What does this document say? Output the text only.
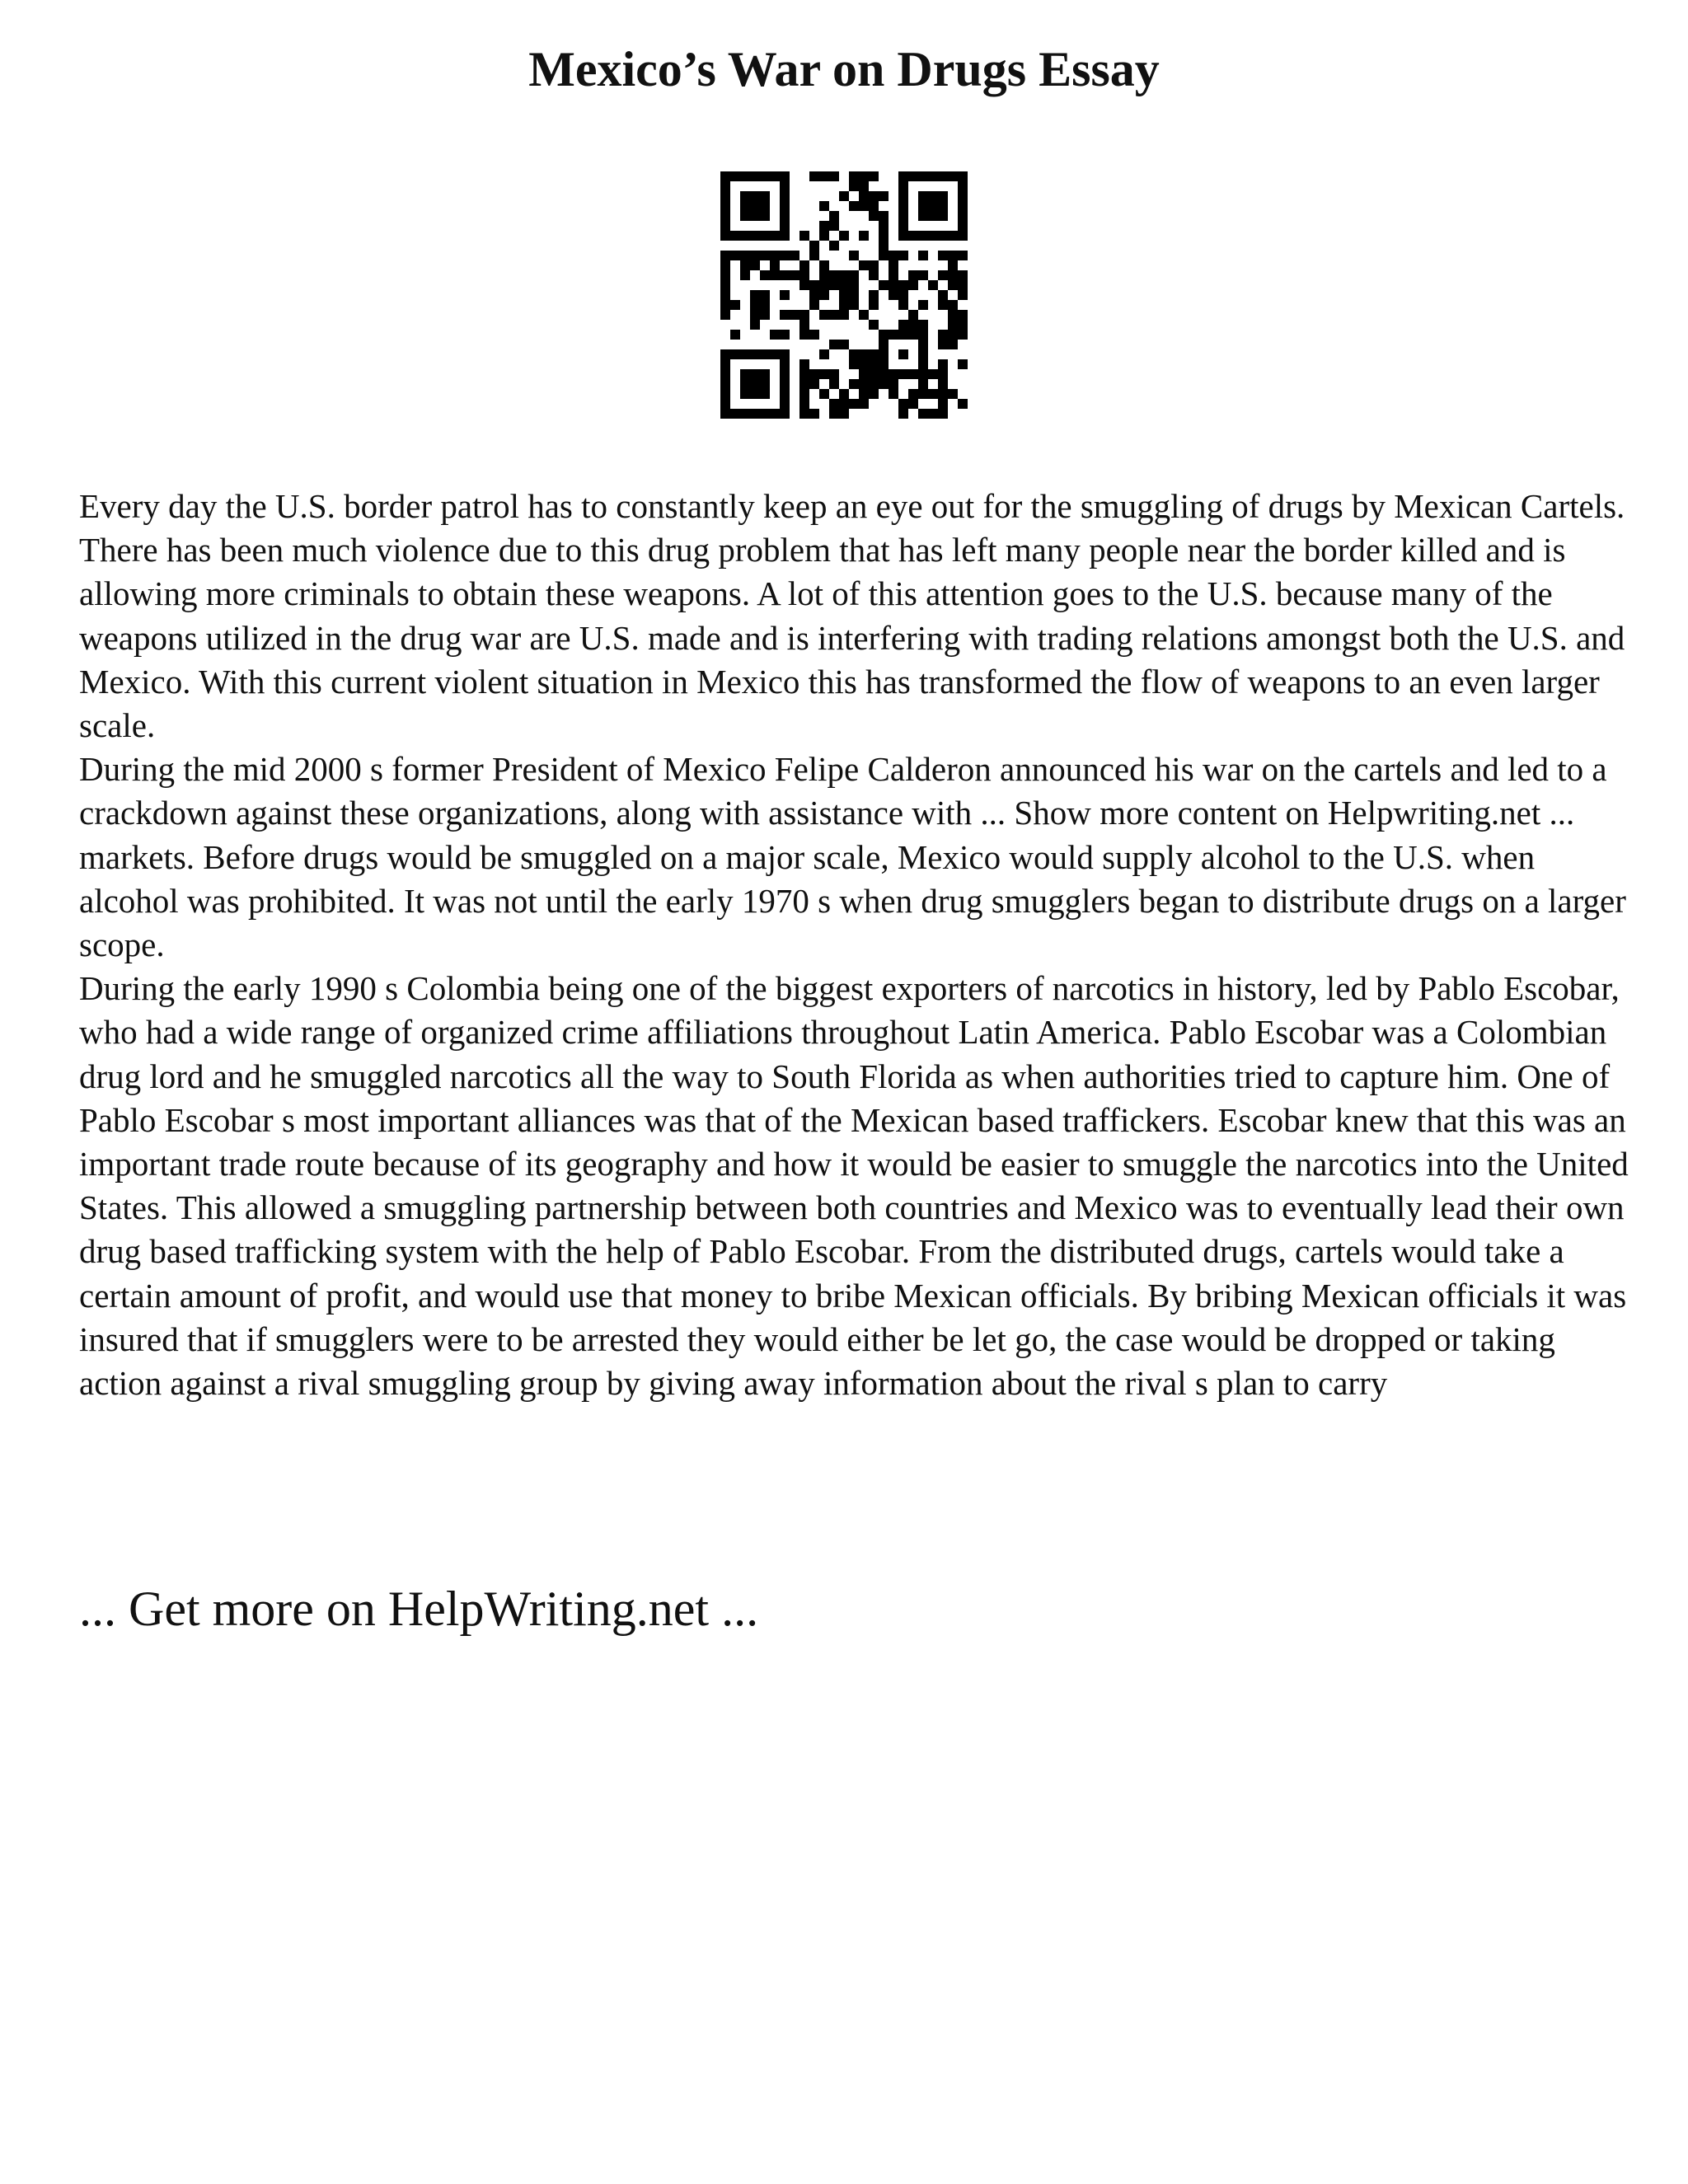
Mexico’s War on Drugs Essay

Every day the U.S. border patrol has to constantly keep an eye out for the smuggling of drugs by Mexican Cartels. There has been much violence due to this drug problem that has left many people near the border killed and is allowing more criminals to obtain these weapons. A lot of this attention goes to the U.S. because many of the weapons utilized in the drug war are U.S. made and is interfering with trading relations amongst both the U.S. and Mexico. With this current violent situation in Mexico this has transformed the flow of weapons to an even larger scale.

During the mid 2000 s former President of Mexico Felipe Calderon announced his war on the cartels and led to a crackdown against these organizations, along with assistance with ... Show more content on Helpwriting.net ...

markets. Before drugs would be smuggled on a major scale, Mexico would supply alcohol to the U.S. when alcohol was prohibited. It was not until the early 1970 s when drug smugglers began to distribute drugs on a larger scope.

During the early 1990 s Colombia being one of the biggest exporters of narcotics in history, led by Pablo Escobar, who had a wide range of organized crime affiliations throughout Latin America. Pablo Escobar was a Colombian drug lord and he smuggled narcotics all the way to South Florida as when authorities tried to capture him. One of Pablo Escobar s most important alliances was that of the Mexican based traffickers. Escobar knew that this was an important trade route because of its geography and how it would be easier to smuggle the narcotics into the United States. This allowed a smuggling partnership between both countries and Mexico was to eventually lead their own drug based trafficking system with the help of Pablo Escobar. From the distributed drugs, cartels would take a certain amount of profit, and would use that money to bribe Mexican officials. By bribing Mexican officials it was insured that if smugglers were to be arrested they would either be let go, the case would be dropped or taking action against a rival smuggling group by giving away information about the rival s plan to carry

... Get more on HelpWriting.net ...
